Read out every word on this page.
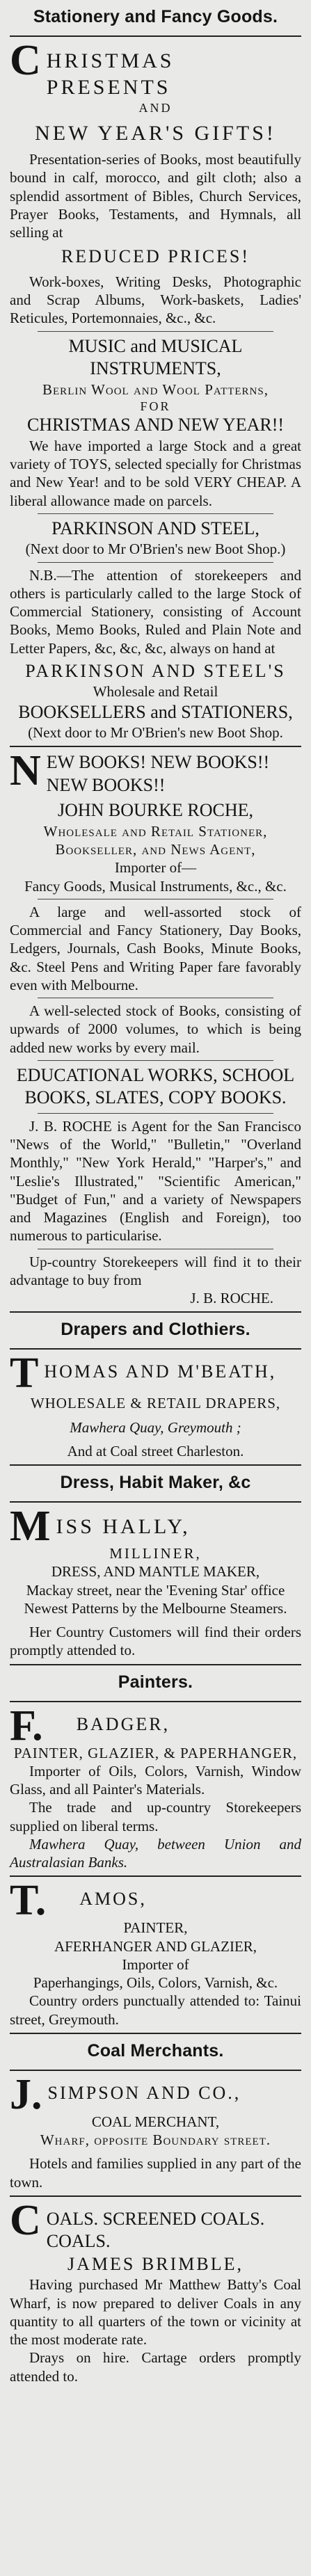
Stationery and Fancy Goods.
C HRISTMAS PRESENTS

AND

NEW YEAR'S GIFTS!

Presentation-series of Books, most beautifully bound in calf, morocco, and gilt cloth; also a splendid assortment of Bibles, Church Services, Prayer Books, Testaments, and Hymnals, all selling at

REDUCED PRICES!

Work-boxes, Writing Desks, Photographic and Scrap Albums, Work-baskets, Ladies' Reticules, Portemonnaies, &c., &c.

MUSIC and MUSICAL INSTRUMENTS,

Berlin Wool and Wool Patterns,

FOR

CHRISTMAS AND NEW YEAR!!

We have imported a large Stock and a great variety of TOYS, selected specially for Christmas and New Year! and to be sold VERY CHEAP. A liberal allowance made on parcels.

PARKINSON AND STEEL,

(Next door to Mr O'Brien's new Boot Shop.)

N.B.—The attention of storekeepers and others is particularly called to the large Stock of Commercial Stationery, consisting of Account Books, Memo Books, Ruled and Plain Note and Letter Papers, &c, &c, &c, always on hand at

PARKINSON AND STEEL'S

Wholesale and Retail

BOOKSELLERS and STATIONERS,

(Next door to Mr O'Brien's new Boot Shop.

N EW BOOKS! NEW BOOKS!! NEW BOOKS!!

JOHN BOURKE ROCHE,

Wholesale and Retail Stationer, Bookseller, and News Agent,

Importer of—

Fancy Goods, Musical Instruments, &c., &c.

A large and well-assorted stock of Commercial and Fancy Stationery, Day Books, Ledgers, Journals, Cash Books, Minute Books, &c. Steel Pens and Writing Paper fare favorably even with Melbourne.

A well-selected stock of Books, consisting of upwards of 2000 volumes, to which is being added new works by every mail.

EDUCATIONAL WORKS, SCHOOL BOOKS, SLATES, COPY BOOKS.

J. B. ROCHE is Agent for the San Francisco "News of the World," "Bulletin," "Overland Monthly," "New York Herald," "Harper's," and "Leslie's Illustrated," "Scientific American," "Budget of Fun," and a variety of Newspapers and Magazines (English and Foreign), too numerous to particularise.

Up-country Storekeepers will find it to their advantage to buy from

J. B. ROCHE.

Drapers and Clothiers.
T HOMAS AND M'BEATH,

WHOLESALE & RETAIL DRAPERS,

Mawhera Quay, Greymouth ;

And at Coal street Charleston.

Dress, Habit Maker, &c
M ISS HALLY,

MILLINER,

DRESS, AND MANTLE MAKER,

Mackay street, near the 'Evening Star' office

Newest Patterns by the Melbourne Steamers.

Her Country Customers will find their orders promptly attended to.

Painters.
F. BADGER,

PAINTER, GLAZIER, & PAPERHANGER,

Importer of Oils, Colors, Varnish, Window Glass, and all Painter's Materials.

The trade and up-country Storekeepers supplied on liberal terms.

Mawhera Quay, between Union and Australasian Banks.

T. AMOS,

PAINTER,

AFERHANGER AND GLAZIER,

Importer of

Paperhangings, Oils, Colors, Varnish, &c.

Country orders punctually attended to: Tainui street, Greymouth.

Coal Merchants.
J. SIMPSON AND CO.,

COAL MERCHANT,

Wharf, opposite Boundary street.

Hotels and families supplied in any part of the town.

C OALS. SCREENED COALS. COALS.

JAMES BRIMBLE,

Having purchased Mr Matthew Batty's Coal Wharf, is now prepared to deliver Coals in any quantity to all quarters of the town or vicinity at the most moderate rate.

Drays on hire. Cartage orders promptly attended to.
